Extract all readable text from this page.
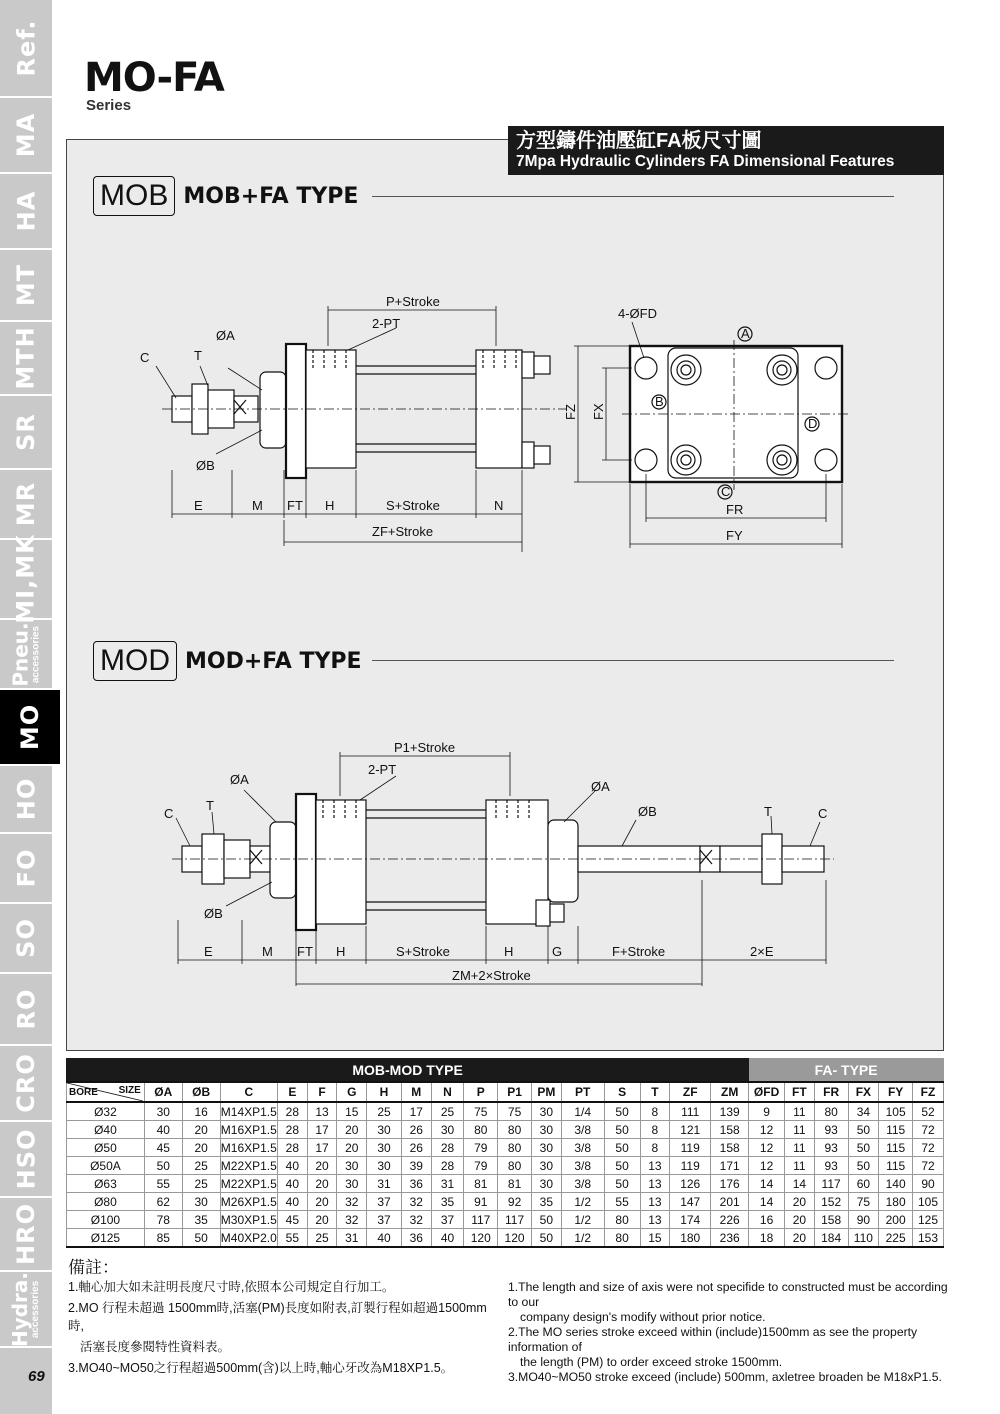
Ref.
MA
HA
MT
MTH
SR
MR
MI,MK
Pneu.
accessories
MO
HO
FO
SO
RO
CRO
HSO
HRO
Hydra.
accessories
69
MO-FA
Series
方型鑄件油壓缸FA板尺寸圖
7Mpa Hydraulic Cylinders FA Dimensional Features
MOB MOB+FA TYPE
P+Stroke
2-PT
ØA
C	T
ØB
E	M FT H	S+Stroke	N
ZF+Stroke
4-ØFD
A
B
C
D
FZ FX
FR
FY
MOD MOD+FA TYPE
P1+Stroke
2-PT
ØA	ØA
C
T	ØB	T	C
ØB
E	M FT H	S+Stroke	H	G	F+Stroke	2×E
ZM+2×Stroke
MOB-MOD TYPE																		FA- TYPE					

SIZE
BORE	ØA	ØB	C	E	F	G	H	M	N	P	P1	PM	PT	S	T	ZF	ZM	ØFD	FT	FR	FX	FY	FZ
Ø32	30	16	M14XP1.5	28	13	15	25	17	25	75	75	30	1/4	50	8	111	139	9	11	80	34	105	52
Ø40	40	20	M16XP1.5	28	17	20	30	26	30	80	80	30	3/8	50	8	121	158	12	11	93	50	115	72
Ø50	45	20	M16XP1.5	28	17	20	30	26	28	79	80	30	3/8	50	8	119	158	12	11	93	50	115	72
Ø50A	50	25	M22XP1.5	40	20	30	30	39	28	79	80	30	3/8	50	13	119	171	12	11	93	50	115	72
Ø63	55	25	M22XP1.5	40	20	30	31	36	31	81	81	30	3/8	50	13	126	176	14	14	117	60	140	90
Ø80	62	30	M26XP1.5	40	20	32	37	32	35	91	92	35	1/2	55	13	147	201	14	20	152	75	180	105
Ø100	78	35	M30XP1.5	45	20	32	37	32	37	117	117	50	1/2	80	13	174	226	16	20	158	90	200	125
Ø125	85	50	M40XP2.0	55	25	31	40	36	40	120	120	50	1/2	80	15	180	236	18	20	184	110	225	153
備註：

1.軸心加大如未註明長度尺寸時,依照本公司規定自行加工。

2.MO 行程未超過 1500mm時,活塞(PM)長度如附表,訂製行程如超過1500mm時,

活塞長度參閱特性資料表。

3.MO40~MO50之行程超過500mm(含)以上時,軸心牙改為M18XP1.5。

1.The length and size of axis were not specifide to constructed must be according to our

company design's modify without prior notice.

2.The MO series stroke exceed within (include)1500mm as see the property information of

the length (PM) to order exceed stroke 1500mm.

3.MO40~MO50 stroke exceed (include) 500mm, axletree broaden be M18xP1.5.
